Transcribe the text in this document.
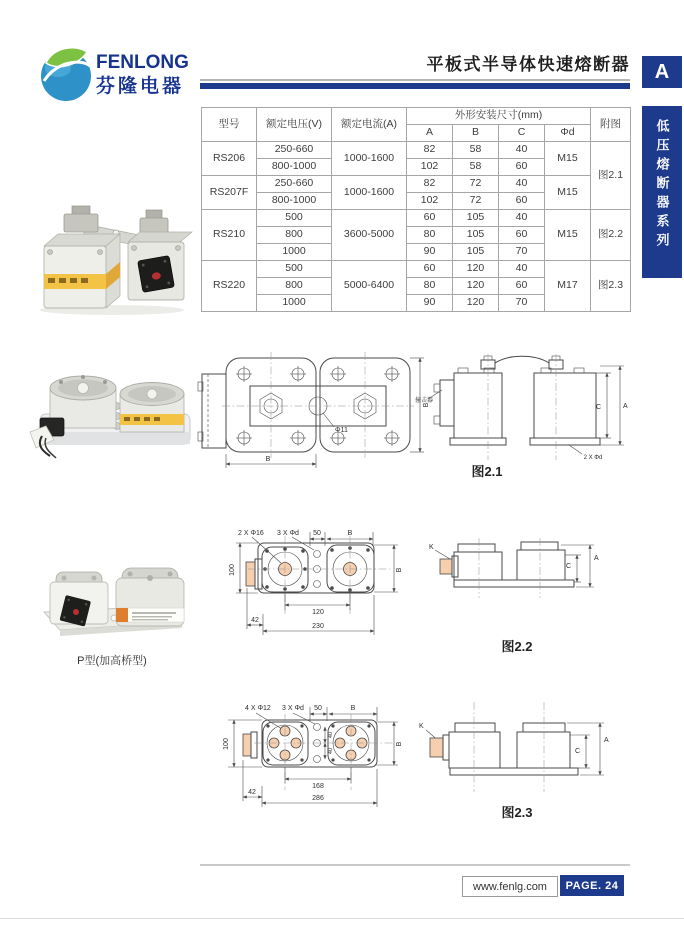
FENLONG
芬隆电器
平板式半导体快速熔断器	A
低压熔断器系列
型号	额定电压(V)	额定电流(A)	外形安装尺寸(mm)				附图
			A	B	C	Φd	
RS206	250-660	1000-1600	82	58	40	M15	图2.1
	800-1000		102	58	60		
RS207F	250-660	1000-1600	82	72	40	M15	
	800-1000		102	72	60		
RS210	500	3600-5000	60	105	40	M15	图2.2
	800		80	105	60		
	1000		90	105	70		
RS220	500	5000-6400	60	120	40	M17	图2.3
	800		80	120	60		
	1000		90	120	70		
P型(加高桥型)
Φ11
B
B
撞击器
C	A
2 X Φd
图2.1
2 X Φ16 3 X Φd 50	B
100	B
120
42
230
K
C
A
图2.2
4 X Φ12 3 X Φd 50	B
40
40
100	B
168
42
286
K
C
A
图2.3
www.fenlg.com	PAGE. 24
